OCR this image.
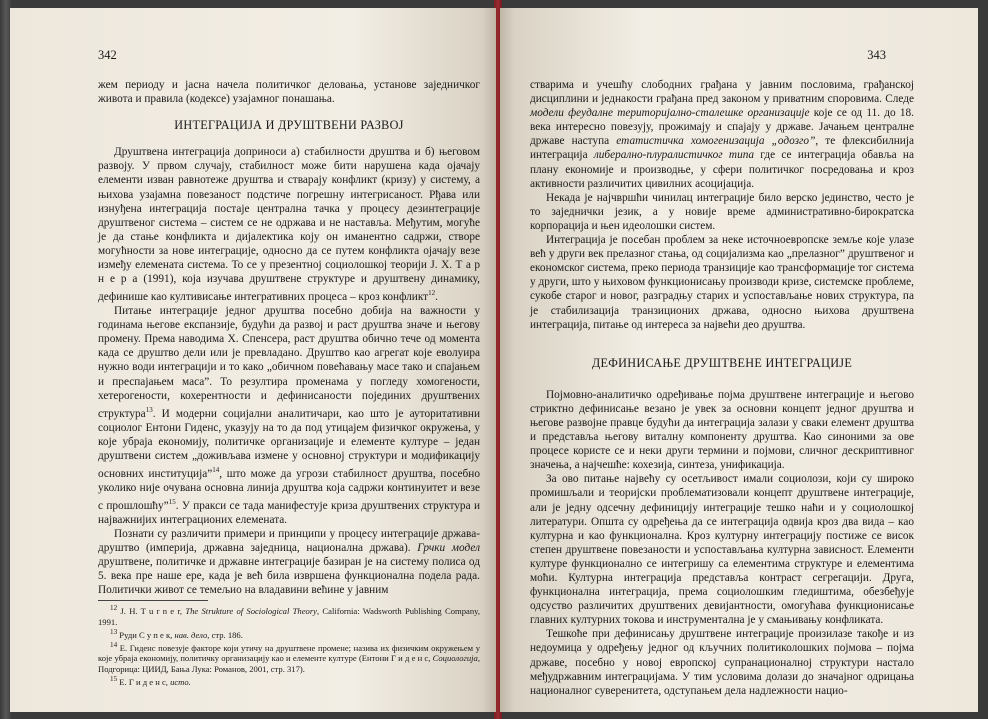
342

жем периоду и јасна начела политичког деловања, установе заједничког живота и правила (кодексе) узајамног понашања.

ИНТЕГРАЦИЈА И ДРУШТВЕНИ РАЗВОЈ

Друштвена интеграција доприноси а) стабилности друштва и б) његовом развоју. У првом случају, стабилност може бити нарушена када ојачају елементи изван равнотеже друштва и стварају конфликт (кризу) у систему, а њихова узајамна повезаност подстиче погрешну интегрисаност. Рђава или изнуђена интеграција постаје централна тачка у процесу дезинтеграције друштвеног система – систем се не одржава и не наставља. Међутим, могуће је да стање конфликта и дијалектика коју он иманентно садржи, створе могућности за нове интеграције, односно да се путем конфликта ојачају везе између елемената система. То се у презентној социолошкој теорији Ј. Х. Т а р н е р а (1991), која изучава друштвене структуре и друштвену динамику, дефинише као култивисање интегративних процеса – кроз конфликт$^{12}$.

Питање интеграције једног друштва посебно добија на важности у годинама његове експанзије, будући да развој и раст друштва значе и његову промену. Према наводима Х. Спенсера, раст друштва обично тече од момента када се друштво дели или је превладано. Друштво као агрегат које еволуира нужно води интеграцији и то како „обичном повећавању масе тако и спајањем и преспајањем маса”. То резултира променама у погледу хомогености, хетерогености, кохерентности и дефинисаности појединих друштвених структура$^{13}$. И модерни социјални аналитичари, као што је ауторитативни социолог Ентони Гиденс, указују на то да под утицајем физичког окружења, у које убраја економију, политичке организације и елементе културе – један друштвени систем „доживљава измене у основној структури и модификацију основних институција”$^{14}$, што може да угрози стабилност друштва, посебно уколико није очувана основна линија друштва која садржи континуитет и везе с прошлошћу”$^{15}$. У пракси се тада манифестује криза друштвених структура и најважнијих интеграционих елемената.

Познати су различити примери и принципи у процесу интеграције држава-друштво (империја, државна заједница, национална држава). Грчки модел друштвене, политичке и државне интеграције базиран је на систему полиса од 5. века пре наше ере, када је већ била извршена функционална подела рада. Политички живот се темељио на владавини већине у јавним

$^{12}$ J. H. T u r n e r, The Strukture of Sociological Theory, California: Wadsworth Publishing Company, 1991.

$^{13}$ Руди С у п е к, нав. дело, стр. 186.

$^{14}$ Е. Гиденс повезује факторе који утичу на друштвене промене; назива их физичким окружењем у које убраја економију, политичку организацију као и елементе културе (Ентони Г и д е н с, Социологија, Подгорица: ЦИИД, Бања Лука: Романов, 2001, стр. 317).

$^{15}$ Е. Г и д е н с, исто.

343

стварима и учешћу слободних грађана у јавним пословима, грађанској дисциплини и једнакости грађана пред законом у приватним споровима. Следе модели феудалне територијално-сталешке организације које се од 11. до 18. века интересно повезују, прожимају и спајају у државе. Јачањем централне државе наступа етатистичка хомогенизација „одозго”, те флексибилнија интеграција либерално-плуралистичког типа где се интеграција обавља на плану економије и производње, у сфери политичког посредовања и кроз активности различитих цивилних асоцијација.

Некада је најчвршћи чинилац интеграције било верско јединство, често је то заједнички језик, а у новије време административно-бирократска корпорација и њен идеолошки систем.

Интеграција је посебан проблем за неке источноевропске земље које улазе већ у други век прелазног стања, од социјализма као „прелазног” друштвеног и економског система, преко периода транзиције као трансформације тог система у други, што у њиховом функционисању производи кризе, системске проблеме, сукобе старог и новог, разградњу старих и успостављање нових структура, па је стабилизација транзиционих држава, односно њихова друштвена интеграција, питање од интереса за највећи део друштва.

ДЕФИНИСАЊЕ ДРУШТВЕНЕ ИНТЕГРАЦИЈЕ

Појмовно-аналитичко одређивање појма друштвене интеграције и његово стриктно дефинисање везано је увек за основни концепт једног друштва и његове развојне правце будући да интеграција залази у сваки елемент друштва и представља његову виталну компоненту друштва. Као синоними за ове процесе користе се и неки други термини и појмови, сличног дескриптивног значења, а најчешће: кохезија, синтеза, унификација.

За ово питање највећу су осетљивост имали социолози, који су широко промишљали и теоријски проблематизовали концепт друштвене интеграције, али је једну одсечну дефиницију интеграције тешко наћи и у социолошкој литератури. Општа су одређења да се интеграција одвија кроз два вида – као културна и као функционална. Кроз културну интеграцију постиже се висок степен друштвене повезаности и успостављања културна зависност. Елементи културе функционално се интегришу са елементима структуре и елементима моћи. Културна интеграција представља контраст сегрегацији. Друга, функционална интеграција, према социолошким гледиштима, обезбеђује одсуство различитих друштвених девијантности, омогућава функционисање главних културних токова и инструментална је у смањивању конфликата.

Тешкоће при дефинисању друштвене интеграције произилазе такође и из недоумица у одређењу једног од кључних политиколошких појмова – појма државе, посебно у новој европској супранационалној структури настало међудржавним интеграцијама. У тим условима долази до значајног одрицања националног суверенитета, одступањем дела надлежности нацио-
